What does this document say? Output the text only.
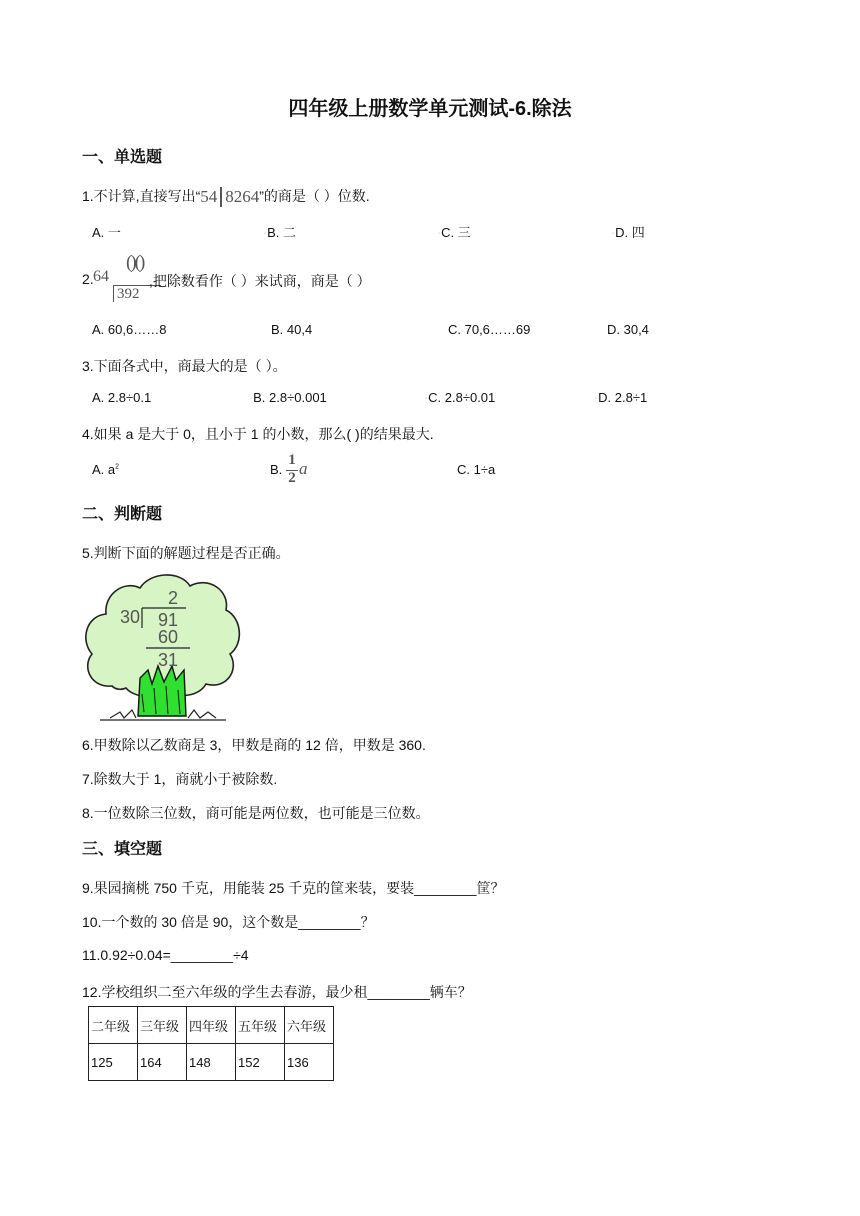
四年级上册数学单元测试-6.除法
一、单选题
1.不计算,直接写出“54 8264”的商是（ ）位数.
A. 一	◦B. 二	◦C. 三	◦D. 四
2. 64
()()
392
,把除数看作（ ）来试商，商是（ ）
A. 60,6……8	B. 40,4	C. 70,6……69	D. 30,4
3.下面各式中，商最大的是（ ）。
A. 2.8÷0.1	◦B. 2.8÷0.001	◦C. 2.8÷0.01	◦D. 2.8÷1
4.如果 a 是大于 0，且小于 1 的小数，那么( )的结果最大.
A. $a^2$	B.
1
2 a	C. 1÷a
二、判断题
5.判断下面的解题过程是否正确。
2
30 91
60
31
6.甲数除以乙数商是 3，甲数是商的 12 倍，甲数是 360.
7.除数大于 1，商就小于被除数.
8.一位数除三位数，商可能是两位数，也可能是三位数。
三、填空题
9.果园摘桃 750 千克，用能装 25 千克的筐来装，要装________筐？
10.一个数的 30 倍是 90，这个数是________？
11.0.92÷0.04=________÷4
12.学校组织二至六年级的学生去春游，最少租________辆车？
二年级	三年级	四年级	五年级	六年级
125	164	148	152	136
